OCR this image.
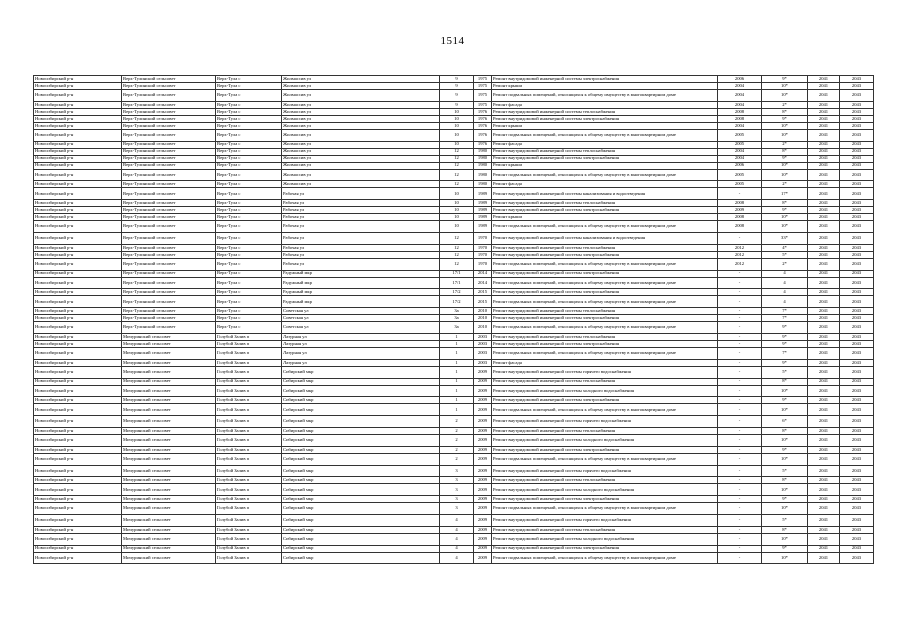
1514
Новосибирский р-н	Верх-Тулинский сельсовет	Верх-Тула с	Жилмассив ул	9	1975	Ремонт внутридомовой инженерной системы электроснабжения	2006	9*	2041	2043
Новосибирский р-н	Верх-Тулинский сельсовет	Верх-Тула с	Жилмассив ул	9	1975	Ремонт крыши	2004	10*	2041	2043
Новосибирский р-н	Верх-Тулинский сельсовет	Верх-Тула с	Жилмассив ул	9	1975	Ремонт подвальных помещений, относящихся к общему имуществу в многоквартирном доме	2004	10*	2041	2043
Новосибирский р-н	Верх-Тулинский сельсовет	Верх-Тула с	Жилмассив ул	9	1975	Ремонт фасада	2004	2*	2041	2043
Новосибирский р-н	Верх-Тулинский сельсовет	Верх-Тула с	Жилмассив ул	10	1976	Ремонт внутридомовой инженерной системы теплоснабжения	2008	8*	2041	2043
Новосибирский р-н	Верх-Тулинский сельсовет	Верх-Тула с	Жилмассив ул	10	1976	Ремонт внутридомовой инженерной системы электроснабжения	2008	9*	2041	2043
Новосибирский р-н	Верх-Тулинский сельсовет	Верх-Тула с	Жилмассив ул	10	1976	Ремонт крыши	2004	10*	2041	2043
Новосибирский р-н	Верх-Тулинский сельсовет	Верх-Тула с	Жилмассив ул	10	1976	Ремонт подвальных помещений, относящихся к общему имуществу в многоквартирном доме	2005	10*	2041	2043
Новосибирский р-н	Верх-Тулинский сельсовет	Верх-Тула с	Жилмассив ул	10	1976	Ремонт фасада	2005	2*	2041	2043
Новосибирский р-н	Верх-Тулинский сельсовет	Верх-Тула с	Жилмассив ул	12	1980	Ремонт внутридомовой инженерной системы теплоснабжения	2004	8*	2041	2043
Новосибирский р-н	Верх-Тулинский сельсовет	Верх-Тула с	Жилмассив ул	12	1980	Ремонт внутридомовой инженерной системы электроснабжения	2004	9*	2041	2043
Новосибирский р-н	Верх-Тулинский сельсовет	Верх-Тула с	Жилмассив ул	12	1980	Ремонт крыши	2006	10*	2041	2043
Новосибирский р-н	Верх-Тулинский сельсовет	Верх-Тула с	Жилмассив ул	12	1980	Ремонт подвальных помещений, относящихся к общему имуществу в многоквартирном доме	2005	10*	2041	2043
Новосибирский р-н	Верх-Тулинский сельсовет	Верх-Тула с	Жилмассив ул	12	1980	Ремонт фасада	2005	2*	2041	2043
Новосибирский р-н	Верх-Тулинский сельсовет	Верх-Тула с	Рабочая ул	10	1989	Ремонт внутридомовой инженерной системы канализования и водоотведения	-	17*	2041	2043
Новосибирский р-н	Верх-Тулинский сельсовет	Верх-Тула с	Рабочая ул	10	1989	Ремонт внутридомовой инженерной системы теплоснабжения	2008	8*	2041	2043
Новосибирский р-н	Верх-Тулинский сельсовет	Верх-Тула с	Рабочая ул	10	1989	Ремонт внутридомовой инженерной системы электроснабжения	2009	9*	2041	2043
Новосибирский р-н	Верх-Тулинский сельсовет	Верх-Тула с	Рабочая ул	10	1989	Ремонт крыши	2008	10*	2041	2043
Новосибирский р-н	Верх-Тулинский сельсовет	Верх-Тула с	Рабочая ул	10	1989	Ремонт подвальных помещений, относящихся к общему имуществу в многоквартирном доме	2008	10*	2041	2043
Новосибирский р-н	Верх-Тулинский сельсовет	Верх-Тула с	Рабочая ул	12	1970	Ремонт внутридомовой инженерной системы канализования и водоотведения	-	33*	2041	2043
Новосибирский р-н	Верх-Тулинский сельсовет	Верх-Тула с	Рабочая ул	12	1970	Ремонт внутридомовой инженерной системы теплоснабжения	2012	4*	2041	2043
Новосибирский р-н	Верх-Тулинский сельсовет	Верх-Тула с	Рабочая ул	12	1970	Ремонт внутридомовой инженерной системы электроснабжения	2012	5*	2041	2043
Новосибирский р-н	Верх-Тулинский сельсовет	Верх-Тула с	Рабочая ул	12	1970	Ремонт подвальных помещений, относящихся к общему имуществу в многоквартирном доме	2012	2*	2041	2043
Новосибирский р-н	Верх-Тулинский сельсовет	Верх-Тула с	Радужный мкр	17/1	2014	Ремонт внутридомовой инженерной системы электроснабжения	-	4	2041	2043
Новосибирский р-н	Верх-Тулинский сельсовет	Верх-Тула с	Радужный мкр	17/1	2014	Ремонт подвальных помещений, относящихся к общему имуществу в многоквартирном доме	-	4	2041	2043
Новосибирский р-н	Верх-Тулинский сельсовет	Верх-Тула с	Радужный мкр	17/2	2015	Ремонт внутридомовой инженерной системы электроснабжения	-	4	2041	2043
Новосибирский р-н	Верх-Тулинский сельсовет	Верх-Тула с	Радужный мкр	17/2	2015	Ремонт подвальных помещений, относящихся к общему имуществу в многоквартирном доме	-	4	2041	2043
Новосибирский р-н	Верх-Тулинский сельсовет	Верх-Тула с	Советская ул	3а	2010	Ремонт внутридомовой инженерной системы теплоснабжения	-	7*	2041	2043
Новосибирский р-н	Верх-Тулинский сельсовет	Верх-Тула с	Советская ул	3а	2010	Ремонт внутридомовой инженерной системы электроснабжения	-	7*	2041	2043
Новосибирский р-н	Верх-Тулинский сельсовет	Верх-Тула с	Советская ул	3а	2010	Ремонт подвальных помещений, относящихся к общему имуществу в многоквартирном доме	-	9*	2041	2043
Новосибирский р-н	Мичуринский сельсовет	Голубой Залив п	Лазурная ул	1	2003	Ремонт внутридомовой инженерной системы теплоснабжения	-	9*	2041	2043
Новосибирский р-н	Мичуринский сельсовет	Голубой Залив п	Лазурная ул	1	2003	Ремонт внутридомовой инженерной системы электроснабжения	-	9*	2041	2043
Новосибирский р-н	Мичуринский сельсовет	Голубой Залив п	Лазурная ул	1	2003	Ремонт подвальных помещений, относящихся к общему имуществу в многоквартирном доме	-	7*	2041	2043
Новосибирский р-н	Мичуринский сельсовет	Голубой Залив п	Лазурная ул	1	2003	Ремонт фасада	-	9*	2041	2043
Новосибирский р-н	Мичуринский сельсовет	Голубой Залив п	Сибирский мкр	1	2009	Ремонт внутридомовой инженерной системы горячего водоснабжения	-	5*	2041	2043
Новосибирский р-н	Мичуринский сельсовет	Голубой Залив п	Сибирский мкр	1	2009	Ремонт внутридомовой инженерной системы теплоснабжения	-	8*	2041	2043
Новосибирский р-н	Мичуринский сельсовет	Голубой Залив п	Сибирский мкр	1	2009	Ремонт внутридомовой инженерной системы холодного водоснабжения	-	10*	2041	2043
Новосибирский р-н	Мичуринский сельсовет	Голубой Залив п	Сибирский мкр	1	2009	Ремонт внутридомовой инженерной системы электроснабжения	-	9*	2041	2043
Новосибирский р-н	Мичуринский сельсовет	Голубой Залив п	Сибирский мкр	1	2009	Ремонт подвальных помещений, относящихся к общему имуществу в многоквартирном доме	-	10*	2041	2043
Новосибирский р-н	Мичуринский сельсовет	Голубой Залив п	Сибирский мкр	2	2009	Ремонт внутридомовой инженерной системы горячего водоснабжения	-	6*	2041	2043
Новосибирский р-н	Мичуринский сельсовет	Голубой Залив п	Сибирский мкр	2	2009	Ремонт внутридомовой инженерной системы теплоснабжения	-	8*	2041	2043
Новосибирский р-н	Мичуринский сельсовет	Голубой Залив п	Сибирский мкр	2	2009	Ремонт внутридомовой инженерной системы холодного водоснабжения	-	10*	2041	2043
Новосибирский р-н	Мичуринский сельсовет	Голубой Залив п	Сибирский мкр	2	2009	Ремонт внутридомовой инженерной системы электроснабжения	-	9*	2041	2043
Новосибирский р-н	Мичуринский сельсовет	Голубой Залив п	Сибирский мкр	2	2009	Ремонт подвальных помещений, относящихся к общему имуществу в многоквартирном доме	-	10*	2041	2043
Новосибирский р-н	Мичуринский сельсовет	Голубой Залив п	Сибирский мкр	3	2009	Ремонт внутридомовой инженерной системы горячего водоснабжения	-	5*	2041	2043
Новосибирский р-н	Мичуринский сельсовет	Голубой Залив п	Сибирский мкр	3	2009	Ремонт внутридомовой инженерной системы теплоснабжения	-	8*	2041	2043
Новосибирский р-н	Мичуринский сельсовет	Голубой Залив п	Сибирский мкр	3	2009	Ремонт внутридомовой инженерной системы холодного водоснабжения	-	10*	2041	2043
Новосибирский р-н	Мичуринский сельсовет	Голубой Залив п	Сибирский мкр	3	2009	Ремонт внутридомовой инженерной системы электроснабжения	-	9*	2041	2043
Новосибирский р-н	Мичуринский сельсовет	Голубой Залив п	Сибирский мкр	3	2009	Ремонт подвальных помещений, относящихся к общему имуществу в многоквартирном доме	-	10*	2041	2043
Новосибирский р-н	Мичуринский сельсовет	Голубой Залив п	Сибирский мкр	4	2009	Ремонт внутридомовой инженерной системы горячего водоснабжения	-	5*	2041	2043
Новосибирский р-н	Мичуринский сельсовет	Голубой Залив п	Сибирский мкр	4	2009	Ремонт внутридомовой инженерной системы теплоснабжения	-	8*	2041	2043
Новосибирский р-н	Мичуринский сельсовет	Голубой Залив п	Сибирский мкр	4	2009	Ремонт внутридомовой инженерной системы холодного водоснабжения	-	10*	2041	2043
Новосибирский р-н	Мичуринский сельсовет	Голубой Залив п	Сибирский мкр	4	2009	Ремонт внутридомовой инженерной системы электроснабжения	-	9*	2041	2043
Новосибирский р-н	Мичуринский сельсовет	Голубой Залив п	Сибирский мкр	4	2009	Ремонт подвальных помещений, относящихся к общему имуществу в многоквартирном доме	-	10*	2041	2043
